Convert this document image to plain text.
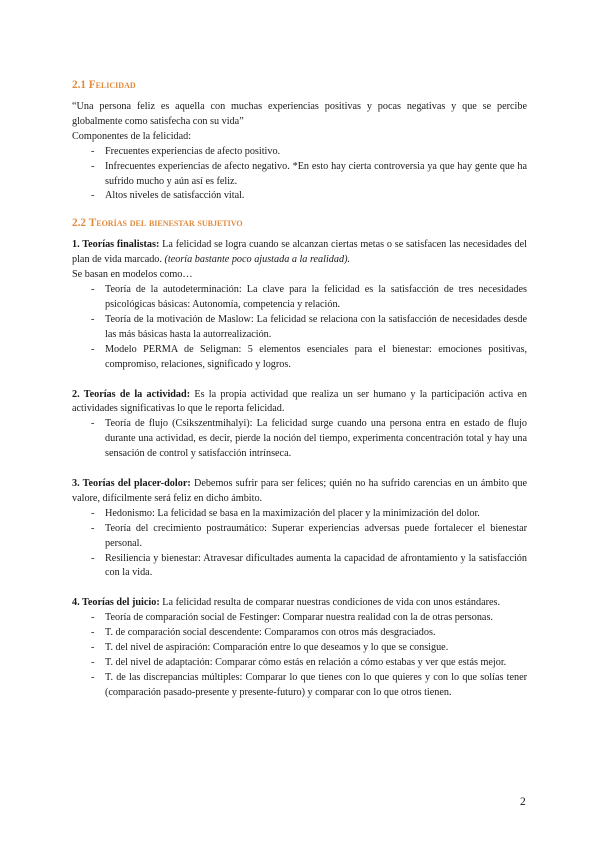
2.1 Felicidad

“Una persona feliz es aquella con muchas experiencias positivas y pocas negativas y que se percibe globalmente como satisfecha con su vida”

Componentes de la felicidad:

- Frecuentes experiencias de afecto positivo.
- Infrecuentes experiencias de afecto negativo. *En esto hay cierta controversia ya que hay gente que ha sufrido mucho y aún así es feliz.
- Altos niveles de satisfacción vital.
2.2 Teorías del bienestar subjetivo

1. Teorías finalistas: La felicidad se logra cuando se alcanzan ciertas metas o se satisfacen las necesidades del plan de vida marcado. (teoría bastante poco ajustada a la realidad).

Se basan en modelos como…

- Teoría de la autodeterminación: La clave para la felicidad es la satisfacción de tres necesidades psicológicas básicas: Autonomía, competencia y relación.
- Teoría de la motivación de Maslow: La felicidad se relaciona con la satisfacción de necesidades desde las más básicas hasta la autorrealización.
- Modelo PERMA de Seligman: 5 elementos esenciales para el bienestar: emociones positivas, compromiso, relaciones, significado y logros.

2. Teorías de la actividad: Es la propia actividad que realiza un ser humano y la participación activa en actividades significativas lo que le reporta felicidad.

- Teoría de flujo (Csikszentmihalyi): La felicidad surge cuando una persona entra en estado de flujo durante una actividad, es decir, pierde la noción del tiempo, experimenta concentración total y hay una sensación de control y satisfacción intrínseca.

3. Teorías del placer-dolor: Debemos sufrir para ser felices; quién no ha sufrido carencias en un ámbito que valore, difícilmente será feliz en dicho ámbito.

- Hedonismo: La felicidad se basa en la maximización del placer y la minimización del dolor.
- Teoría del crecimiento postraumático: Superar experiencias adversas puede fortalecer el bienestar personal.
- Resiliencia y bienestar: Atravesar dificultades aumenta la capacidad de afrontamiento y la satisfacción con la vida.

4. Teorías del juicio: La felicidad resulta de comparar nuestras condiciones de vida con unos estándares.

- Teoría de comparación social de Festinger: Comparar nuestra realidad con la de otras personas.
- T. de comparación social descendente: Comparamos con otros más desgraciados.
- T. del nivel de aspiración: Comparación entre lo que deseamos y lo que se consigue.
- T. del nivel de adaptación: Comparar cómo estás en relación a cómo estabas y ver que estás mejor.
- T. de las discrepancias múltiples: Comparar lo que tienes con lo que quieres y con lo que solías tener (comparación pasado-presente y presente-futuro) y comparar con lo que otros tienen.
2
